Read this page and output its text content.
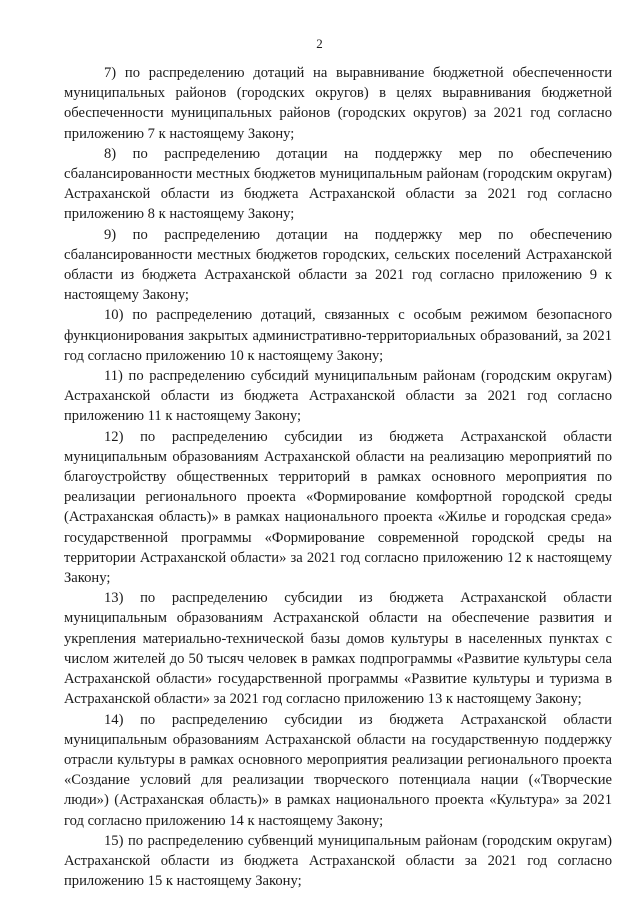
2

7) по распределению дотаций на выравнивание бюджетной обеспеченности муниципальных районов (городских округов) в целях выравнивания бюджетной обеспеченности муниципальных районов (городских округов) за 2021 год согласно приложению 7 к настоящему Закону;

8) по распределению дотации на поддержку мер по обеспечению сбалансированности местных бюджетов муниципальным районам (городским округам) Астраханской области из бюджета Астраханской области за 2021 год согласно приложению 8 к настоящему Закону;

9) по распределению дотации на поддержку мер по обеспечению сбалансированности местных бюджетов городских, сельских поселений Астраханской области из бюджета Астраханской области за 2021 год согласно приложению 9 к настоящему Закону;

10) по распределению дотаций, связанных с особым режимом безопасного функционирования закрытых административно-территориальных образований, за 2021 год согласно приложению 10 к настоящему Закону;

11) по распределению субсидий муниципальным районам (городским округам) Астраханской области из бюджета Астраханской области за 2021 год согласно приложению 11 к настоящему Закону;

12) по распределению субсидии из бюджета Астраханской области муниципальным образованиям Астраханской области на реализацию мероприятий по благоустройству общественных территорий в рамках основного мероприятия по реализации регионального проекта «Формирование комфортной городской среды (Астраханская область)» в рамках национального проекта «Жилье и городская среда» государственной программы «Формирование современной городской среды на территории Астраханской области» за 2021 год согласно приложению 12 к настоящему Закону;

13) по распределению субсидии из бюджета Астраханской области муниципальным образованиям Астраханской области на обеспечение развития и укрепления материально-технической базы домов культуры в населенных пунктах с числом жителей до 50 тысяч человек в рамках подпрограммы «Развитие культуры села Астраханской области» государственной программы «Развитие культуры и туризма в Астраханской области» за 2021 год согласно приложению 13 к настоящему Закону;

14) по распределению субсидии из бюджета Астраханской области муниципальным образованиям Астраханской области на государственную поддержку отрасли культуры в рамках основного мероприятия реализации регионального проекта «Создание условий для реализации творческого потенциала нации («Творческие люди») (Астраханская область)» в рамках национального проекта «Культура» за 2021 год согласно приложению 14 к настоящему Закону;

15) по распределению субвенций муниципальным районам (городским округам) Астраханской области из бюджета Астраханской области за 2021 год согласно приложению 15 к настоящему Закону;
